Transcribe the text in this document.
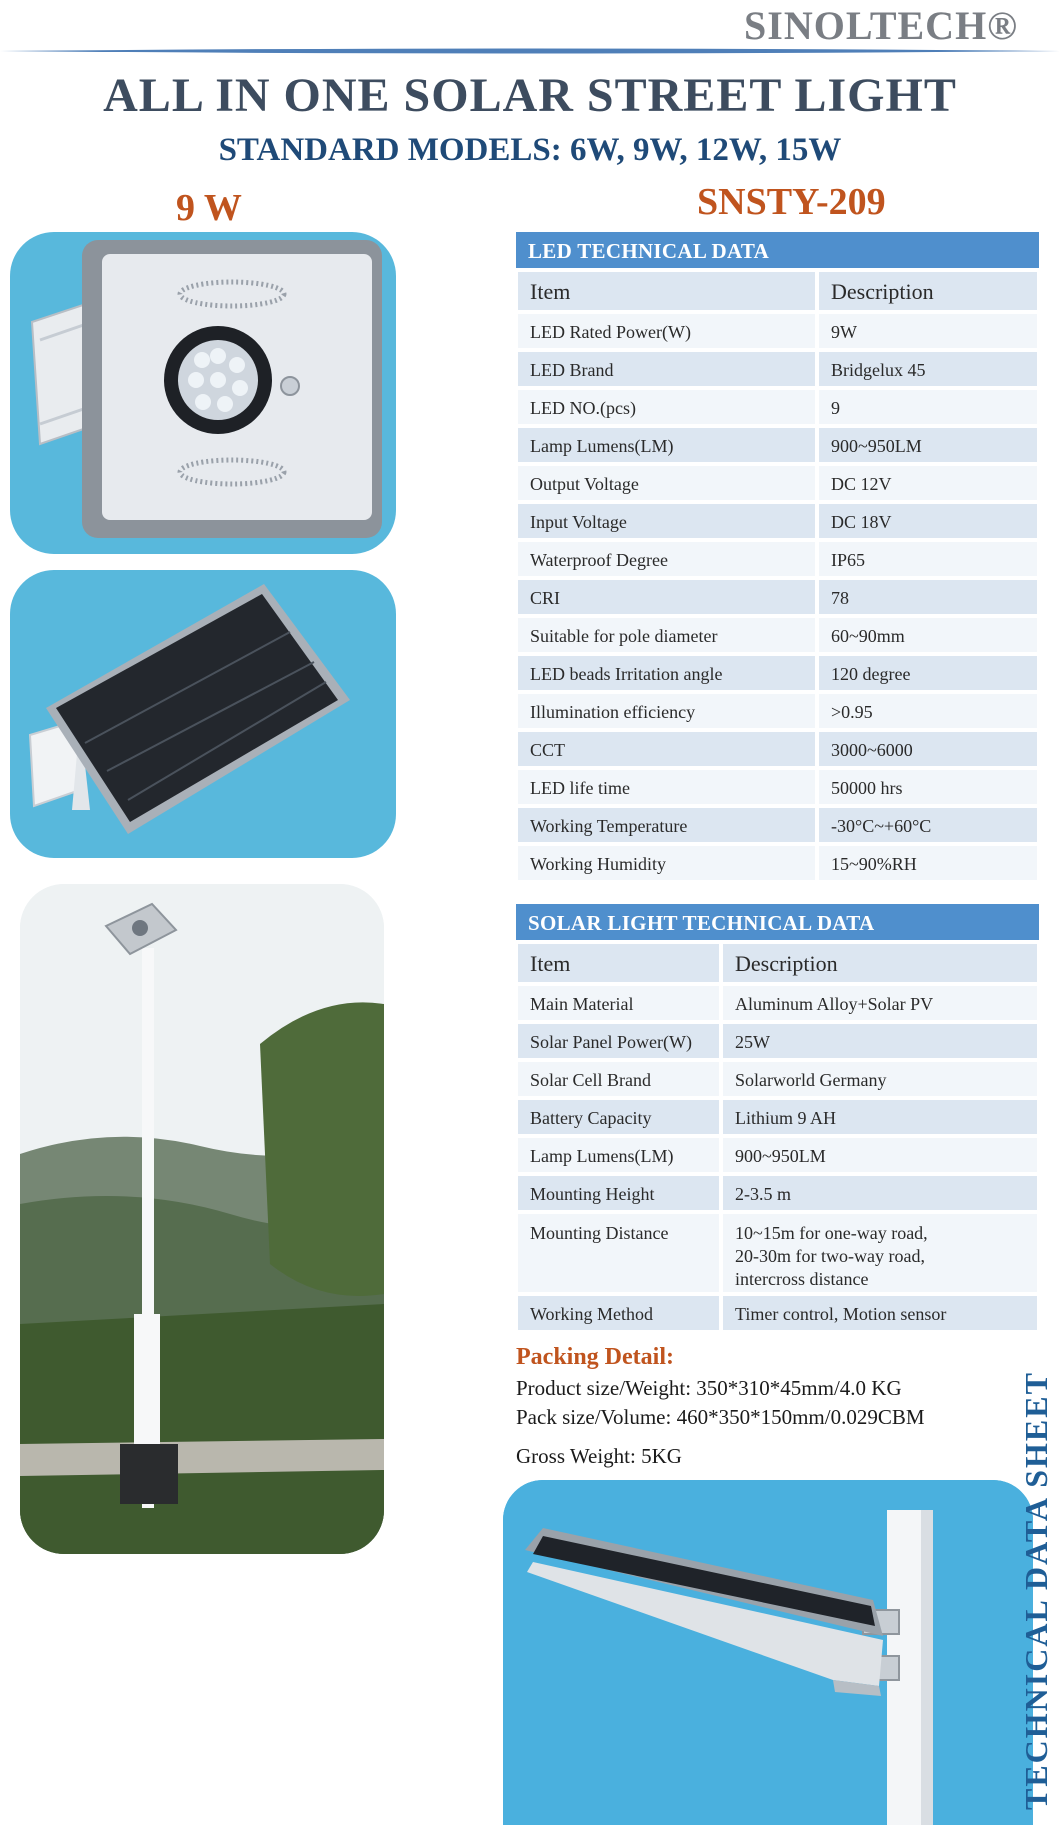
SINOLTECH®
ALL IN ONE SOLAR STREET LIGHT
STANDARD MODELS: 6W, 9W, 12W, 15W
9 W	SNSTY-209
LED TECHNICAL DATA
Item	Description
LED Rated Power(W)	9W
LED Brand	Bridgelux 45
LED NO.(pcs)	9
Lamp Lumens(LM)	900~950LM
Output Voltage	DC 12V
Input Voltage	DC 18V
Waterproof Degree	IP65
CRI	78
Suitable for pole diameter	60~90mm
LED beads Irritation angle	120 degree
Illumination efficiency	>0.95
CCT	3000~6000
LED life time	50000 hrs
Working Temperature	-30°C~+60°C
Working Humidity	15~90%RH
SOLAR LIGHT TECHNICAL DATA
Item	Description
Main Material	Aluminum Alloy+Solar PV
Solar Panel Power(W)	25W
Solar Cell Brand	Solarworld Germany
Battery Capacity	Lithium 9 AH
Lamp Lumens(LM)	900~950LM
Mounting Height	2-3.5 m
Mounting Distance	10~15m for one-way road,
20-30m for two-way road,
intercross distance

Working Method	Timer control, Motion sensor
Packing Detail:
Product size/Weight: 350*310*45mm/4.0 KG
Pack size/Volume: 460*350*150mm/0.029CBM
Gross Weight: 5KG	TECHNICAL DATA SHEET
